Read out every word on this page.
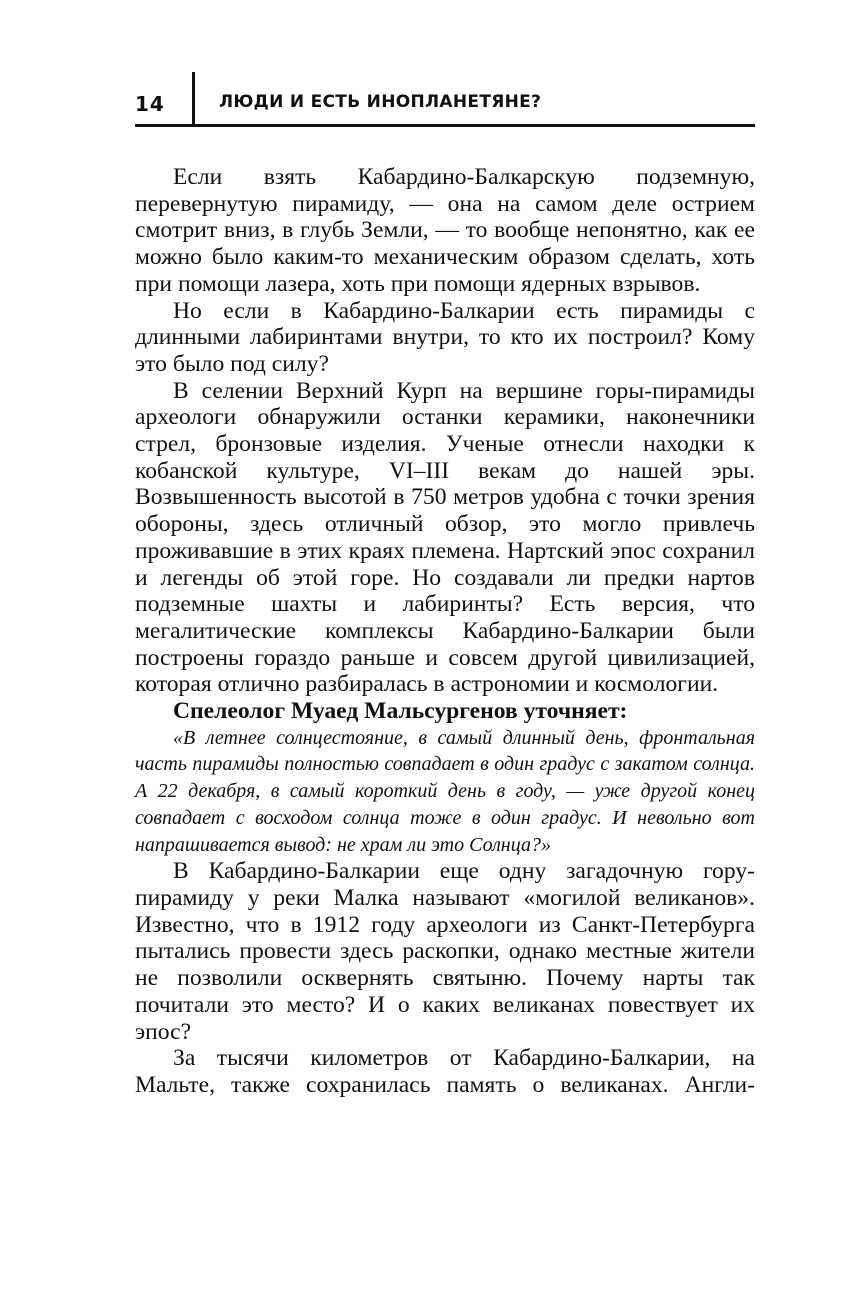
14	ЛЮДИ И ЕСТЬ ИНОПЛАНЕТЯНЕ?

Если взять Кабардино-Балкарскую подземную, перевернутую пирамиду, — она на самом деле острием смотрит вниз, в глубь Земли, — то вообще непонятно, как ее можно было каким-то механическим образом сделать, хоть при помощи лазера, хоть при помощи ядерных взрывов.

Но если в Кабардино-Балкарии есть пирамиды с длинными лабиринтами внутри, то кто их построил? Кому это было под силу?

В селении Верхний Курп на вершине горы-пирамиды археологи обнаружили останки керамики, наконечники стрел, бронзовые изделия. Ученые отнесли находки к кобанской культуре, VI–III векам до нашей эры. Возвышенность высотой в 750 метров удобна с точки зрения обороны, здесь отличный обзор, это могло привлечь проживавшие в этих краях племена. Нартский эпос сохранил и легенды об этой горе. Но создавали ли предки нартов подземные шахты и лабиринты? Есть версия, что мегалитические комплексы Кабардино-Балкарии были построены гораздо раньше и совсем другой цивилизацией, которая отлично разбиралась в астрономии и космологии.

Спелеолог Муаед Мальсургенов уточняет:

«В летнее солнцестояние, в самый длинный день, фронтальная часть пирамиды полностью совпадает в один градус с закатом солнца. А 22 декабря, в самый короткий день в году, — уже другой конец совпадает с восходом солнца тоже в один градус. И невольно вот напрашивается вывод: не храм ли это Солнца?»

В Кабардино-Балкарии еще одну загадочную гору-пирамиду у реки Малка называют «могилой великанов». Известно, что в 1912 году археологи из Санкт-Петербурга пытались провести здесь раскопки, однако местные жители не позволили осквернять святыню. Почему нарты так почитали это место? И о каких великанах повествует их эпос?

За тысячи километров от Кабардино-Балкарии, на Мальте, также сохранилась память о великанах. Англи-
